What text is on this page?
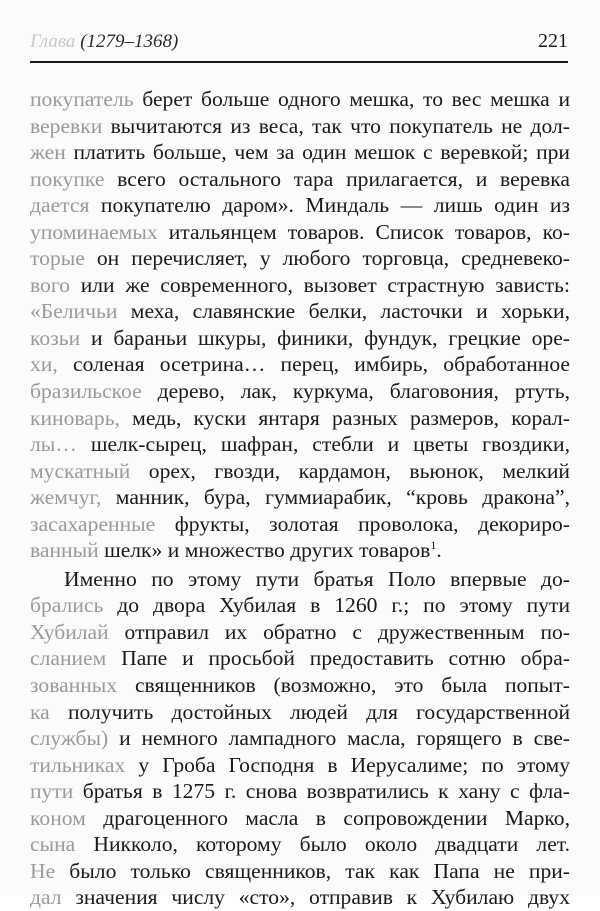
Глава (1279–1368)	221
покупатель берет больше одного мешка, то вес мешка и
веревки вычитаются из веса, так что покупатель не дол-
жен платить больше, чем за один мешок с веревкой; при
покупке всего остального тара прилагается, и веревка
дается покупателю даром». Миндаль — лишь один из
упоминаемых итальянцем товаров. Список товаров, ко-
торые он перечисляет, у любого торговца, средневеко-
вого или же современного, вызовет страстную зависть:
«Беличьи меха, славянские белки, ласточки и хорьки,
козьи и бараньи шкуры, финики, фундук, грецкие оре-
хи, соленая осетрина… перец, имбирь, обработанное
бразильское дерево, лак, куркума, благовония, ртуть,
киноварь, медь, куски янтаря разных размеров, корал-
лы… шелк-сырец, шафран, стебли и цветы гвоздики,
мускатный орех, гвозди, кардамон, вьюнок, мелкий
жемчуг, манник, бура, гуммиарабик, “кровь дракона”,
засахаренные фрукты, золотая проволока, декориро-
ванный шелк» и множество других товаров$^1$.
Именно по этому пути братья Поло впервые до-
брались до двора Хубилая в 1260 г.; по этому пути
Хубилай отправил их обратно с дружественным по-
сланием Папе и просьбой предоставить сотню обра-
зованных священников (возможно, это была попыт-
ка получить достойных людей для государственной
службы) и немного лампадного масла, горящего в све-
тильниках у Гроба Господня в Иерусалиме; по этому
пути братья в 1275 г. снова возвратились к хану с фла-
коном драгоценного масла в сопровождении Марко,
сына Никколо, которому было около двадцати лет.
Не было только священников, так как Папа не при-
дал значения числу «сто», отправив к Хубилаю двух
